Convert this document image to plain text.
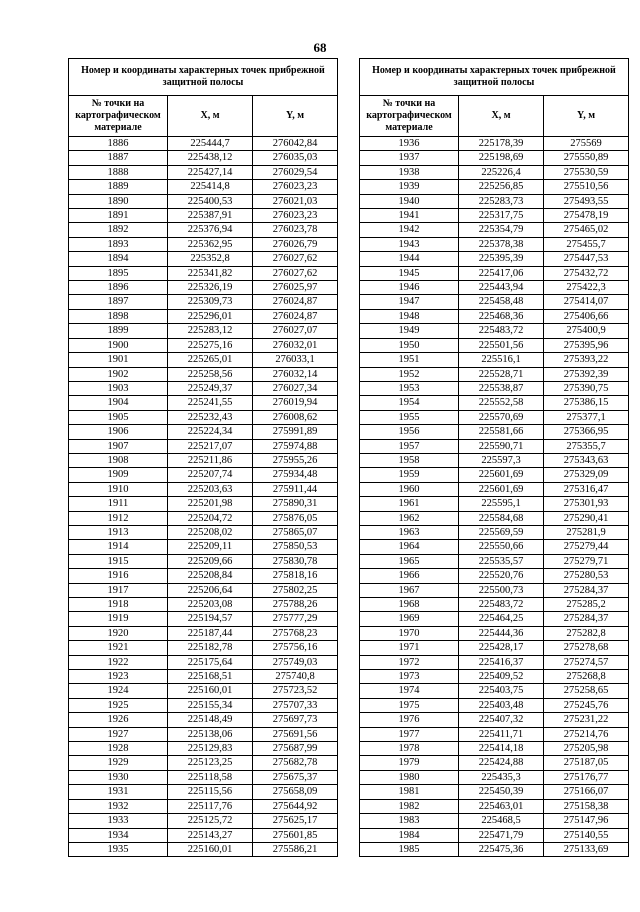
68
Номер и координаты характерных точек прибрежной защитной полосы		
№ точки на картографическом материале	X, м	Y, м
1886	225444,7	276042,84
1887	225438,12	276035,03
1888	225427,14	276029,54
1889	225414,8	276023,23
1890	225400,53	276021,03
1891	225387,91	276023,23
1892	225376,94	276023,78
1893	225362,95	276026,79
1894	225352,8	276027,62
1895	225341,82	276027,62
1896	225326,19	276025,97
1897	225309,73	276024,87
1898	225296,01	276024,87
1899	225283,12	276027,07
1900	225275,16	276032,01
1901	225265,01	276033,1
1902	225258,56	276032,14
1903	225249,37	276027,34
1904	225241,55	276019,94
1905	225232,43	276008,62
1906	225224,34	275991,89
1907	225217,07	275974,88
1908	225211,86	275955,26
1909	225207,74	275934,48
1910	225203,63	275911,44
1911	225201,98	275890,31
1912	225204,72	275876,05
1913	225208,02	275865,07
1914	225209,11	275850,53
1915	225209,66	275830,78
1916	225208,84	275818,16
1917	225206,64	275802,25
1918	225203,08	275788,26
1919	225194,57	275777,29
1920	225187,44	275768,23
1921	225182,78	275756,16
1922	225175,64	275749,03
1923	225168,51	275740,8
1924	225160,01	275723,52
1925	225155,34	275707,33
1926	225148,49	275697,73
1927	225138,06	275691,56
1928	225129,83	275687,99
1929	225123,25	275682,78
1930	225118,58	275675,37
1931	225115,56	275658,09
1932	225117,76	275644,92
1933	225125,72	275625,17
1934	225143,27	275601,85
1935	225160,01	275586,21
Номер и координаты характерных точек прибрежной защитной полосы		
№ точки на картографическом материале	X, м	Y, м
1936	225178,39	275569
1937	225198,69	275550,89
1938	225226,4	275530,59
1939	225256,85	275510,56
1940	225283,73	275493,55
1941	225317,75	275478,19
1942	225354,79	275465,02
1943	225378,38	275455,7
1944	225395,39	275447,53
1945	225417,06	275432,72
1946	225443,94	275422,3
1947	225458,48	275414,07
1948	225468,36	275406,66
1949	225483,72	275400,9
1950	225501,56	275395,96
1951	225516,1	275393,22
1952	225528,71	275392,39
1953	225538,87	275390,75
1954	225552,58	275386,15
1955	225570,69	275377,1
1956	225581,66	275366,95
1957	225590,71	275355,7
1958	225597,3	275343,63
1959	225601,69	275329,09
1960	225601,69	275316,47
1961	225595,1	275301,93
1962	225584,68	275290,41
1963	225569,59	275281,9
1964	225550,66	275279,44
1965	225535,57	275279,71
1966	225520,76	275280,53
1967	225500,73	275284,37
1968	225483,72	275285,2
1969	225464,25	275284,37
1970	225444,36	275282,8
1971	225428,17	275278,68
1972	225416,37	275274,57
1973	225409,52	275268,8
1974	225403,75	275258,65
1975	225403,48	275245,76
1976	225407,32	275231,22
1977	225411,71	275214,76
1978	225414,18	275205,98
1979	225424,88	275187,05
1980	225435,3	275176,77
1981	225450,39	275166,07
1982	225463,01	275158,38
1983	225468,5	275147,96
1984	225471,79	275140,55
1985	225475,36	275133,69
